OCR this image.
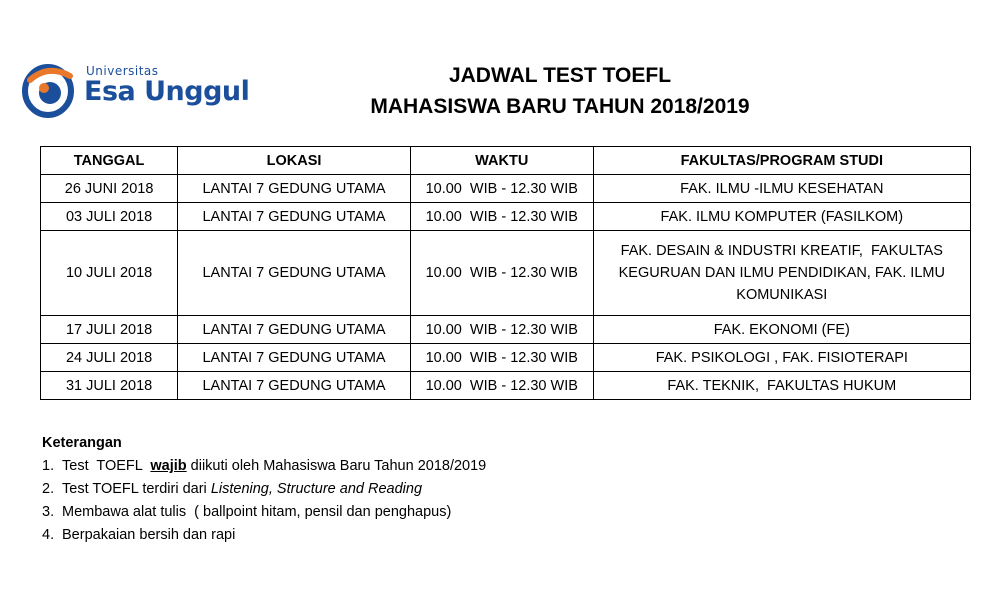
Universitas
Esa Unggul
JADWAL TEST TOEFL
MAHASISWA BARU TAHUN 2018/2019
TANGGAL	LOKASI	WAKTU	FAKULTAS/PROGRAM STUDI
26 JUNI 2018	LANTAI 7 GEDUNG UTAMA	10.00  WIB - 12.30 WIB	FAK. ILMU -ILMU KESEHATAN
03 JULI 2018	LANTAI 7 GEDUNG UTAMA	10.00  WIB - 12.30 WIB	FAK. ILMU KOMPUTER (FASILKOM)
10 JULI 2018	LANTAI 7 GEDUNG UTAMA	10.00  WIB - 12.30 WIB	FAK. DESAIN & INDUSTRI KREATIF,  FAKULTAS
KEGURUAN DAN ILMU PENDIDIKAN, FAK. ILMU
KOMUNIKASI

17 JULI 2018	LANTAI 7 GEDUNG UTAMA	10.00  WIB - 12.30 WIB	FAK. EKONOMI (FE)
24 JULI 2018	LANTAI 7 GEDUNG UTAMA	10.00  WIB - 12.30 WIB	FAK. PSIKOLOGI , FAK. FISIOTERAPI
31 JULI 2018	LANTAI 7 GEDUNG UTAMA	10.00  WIB - 12.30 WIB	FAK. TEKNIK,  FAKULTAS HUKUM
Keterangan
1. Test  TOEFL  wajib diikuti oleh Mahasiswa Baru Tahun 2018/2019
2. Test TOEFL terdiri dari Listening, Structure and Reading
3. Membawa alat tulis  ( ballpoint hitam, pensil dan penghapus)
4. Berpakaian bersih dan rapi
